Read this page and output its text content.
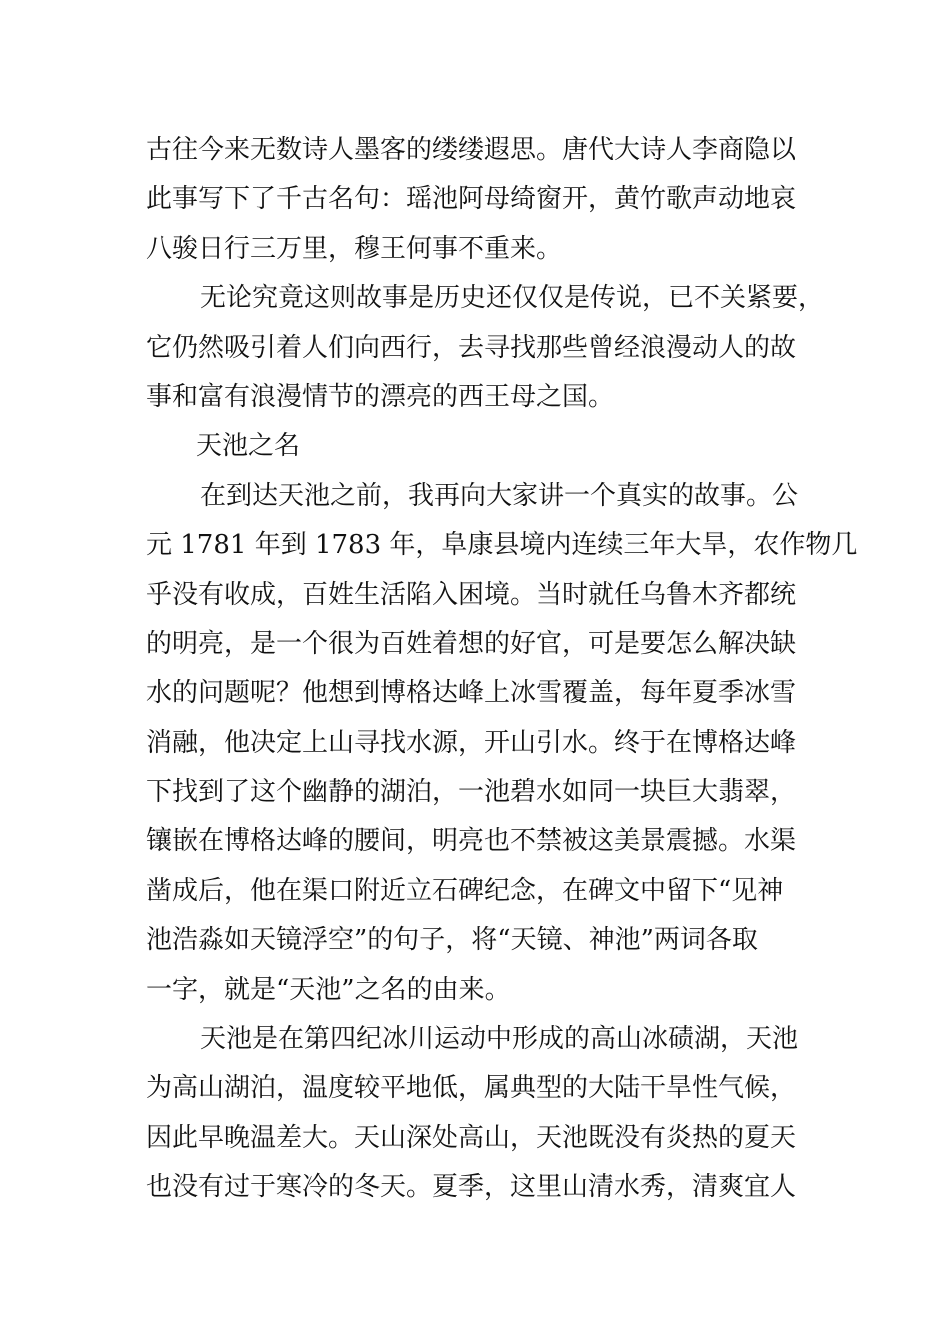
古往今来无数诗人墨客的缕缕遐思。唐代大诗人李商隐以
此事写下了千古名句：瑶池阿母绮窗开，黄竹歌声动地哀
八骏日行三万里，穆王何事不重来。
无论究竟这则故事是历史还仅仅是传说，已不关紧要，
它仍然吸引着人们向西行，去寻找那些曾经浪漫动人的故
事和富有浪漫情节的漂亮的西王母之国。
天池之名
在到达天池之前，我再向大家讲一个真实的故事。公
元 1781 年到 1783 年，阜康县境内连续三年大旱，农作物几
乎没有收成，百姓生活陷入困境。当时就任乌鲁木齐都统
的明亮，是一个很为百姓着想的好官，可是要怎么解决缺
水的问题呢？他想到博格达峰上冰雪覆盖，每年夏季冰雪
消融，他决定上山寻找水源，开山引水。终于在博格达峰
下找到了这个幽静的湖泊，一池碧水如同一块巨大翡翠，
镶嵌在博格达峰的腰间，明亮也不禁被这美景震撼。水渠
凿成后，他在渠口附近立石碑纪念，在碑文中留下“见神
池浩淼如天镜浮空”的句子，将“天镜、神池”两词各取
一字，就是“天池”之名的由来。
天池是在第四纪冰川运动中形成的高山冰碛湖，天池
为高山湖泊，温度较平地低，属典型的大陆干旱性气候，
因此早晚温差大。天山深处高山，天池既没有炎热的夏天
也没有过于寒冷的冬天。夏季，这里山清水秀，清爽宜人
